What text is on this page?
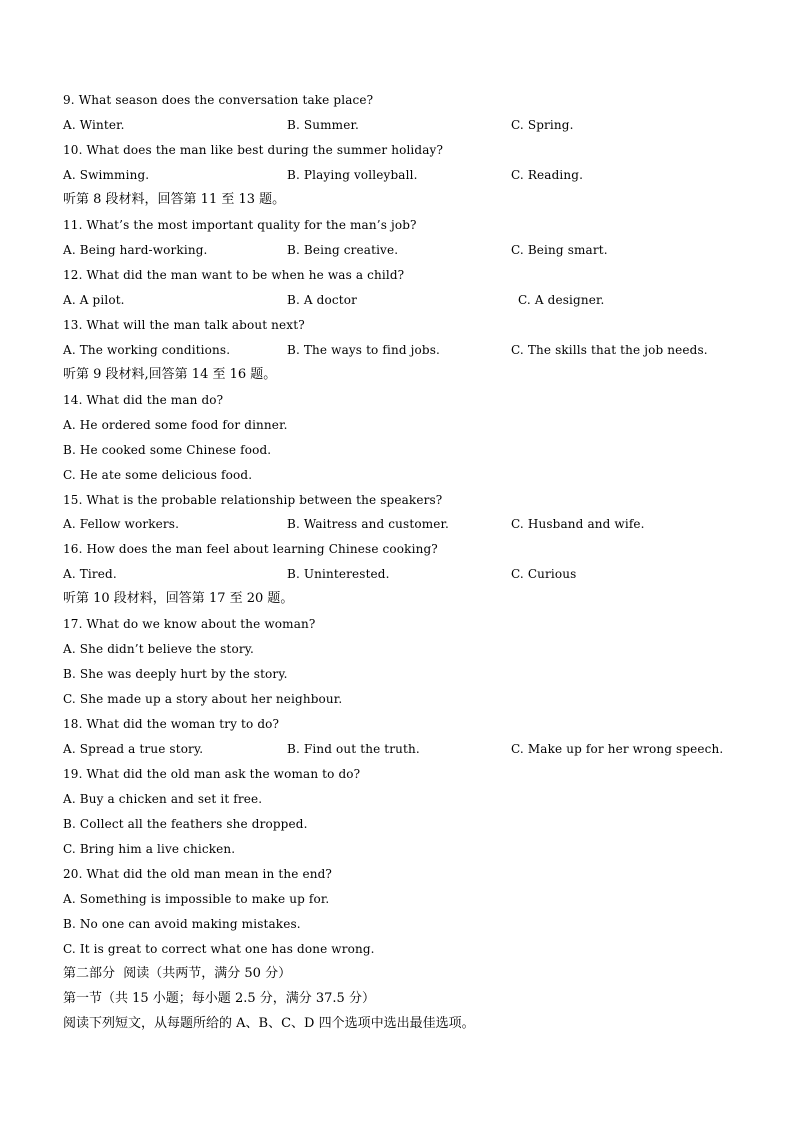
9. What season does the conversation take place?
A. Winter.	B. Summer.	C. Spring.
10. What does the man like best during the summer holiday?
A. Swimming.	B. Playing volleyball.	C. Reading.
听第 8 段材料，回答第 11 至 13 题。
11. What’s the most important quality for the man’s job?
A. Being hard-working.	B. Being creative.	C. Being smart.
12. What did the man want to be when he was a child?
A. A pilot.	B. A doctor	C. A designer.
13. What will the man talk about next?
A. The working conditions.	B. The ways to find jobs.	C. The skills that the job needs.
听第 9 段材料,回答第 14 至 16 题。
14. What did the man do?
A. He ordered some food for dinner.
B. He cooked some Chinese food.
C. He ate some delicious food.
15. What is the probable relationship between the speakers?
A. Fellow workers.	B. Waitress and customer.	C. Husband and wife.
16. How does the man feel about learning Chinese cooking?
A. Tired.	B. Uninterested.	C. Curious
听第 10 段材料，回答第 17 至 20 题。
17. What do we know about the woman?
A. She didn’t believe the story.
B. She was deeply hurt by the story.
C. She made up a story about her neighbour.
18. What did the woman try to do?
A. Spread a true story.	B. Find out the truth.	C. Make up for her wrong speech.
19. What did the old man ask the woman to do?
A. Buy a chicken and set it free.
B. Collect all the feathers she dropped.
C. Bring him a live chicken.
20. What did the old man mean in the end?
A. Something is impossible to make up for.
B. No one can avoid making mistakes.
C. It is great to correct what one has done wrong.
第二部分  阅读（共两节，满分 50 分）
第一节（共 15 小题；每小题 2.5 分，满分 37.5 分）
阅读下列短文，从每题所给的 A、B、C、D 四个选项中选出最佳选项。
